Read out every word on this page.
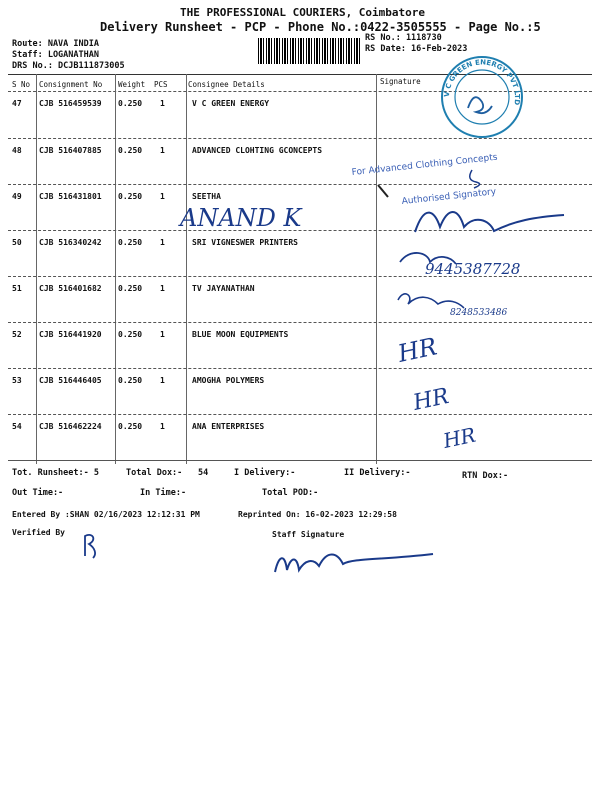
THE PROFESSIONAL COURIERS, Coimbatore
Delivery Runsheet - PCP - Phone No.:0422-3505555 - Page No.:5
Route: NAVA INDIA
Staff: LOGANATHAN
DRS No.: DCJB111873005
RS No.: 1118730
RS Date: 16-Feb-2023
S No Consignment No Weight PCS	Consignee Details	Signature
47 CJB 516459539 0.250 1	V C GREEN ENERGY
48 CJB 516407885 0.250 1	ADVANCED CLOHTING GCONCEPTS
49 CJB 516431801 0.250 1	SEETHA
50 CJB 516340242 0.250 1	SRI VIGNESWER PRINTERS
51 CJB 516401682 0.250 1	TV JAYANATHAN
52 CJB 516441920 0.250 1	BLUE MOON EQUIPMENTS
53 CJB 516446405 0.250 1	AMOGHA POLYMERS
54 CJB 516462224 0.250 1	ANA ENTERPRISES
V C GREEN ENERGY PVT LTD
For Advanced Clothing Concepts
Authorised Signatory
ANAND K
9445387728
8248533486
HR
HR
HR
Tot. Runsheet:- 5	Total Dox:- 54	I Delivery:-	II Delivery:-	RTN Dox:-
Out Time:-	In Time:-	Total POD:-
Entered By :SHAN 02/16/2023 12:12:31 PM	Reprinted On: 16-02-2023 12:29:58
Verified By	Staff Signature
